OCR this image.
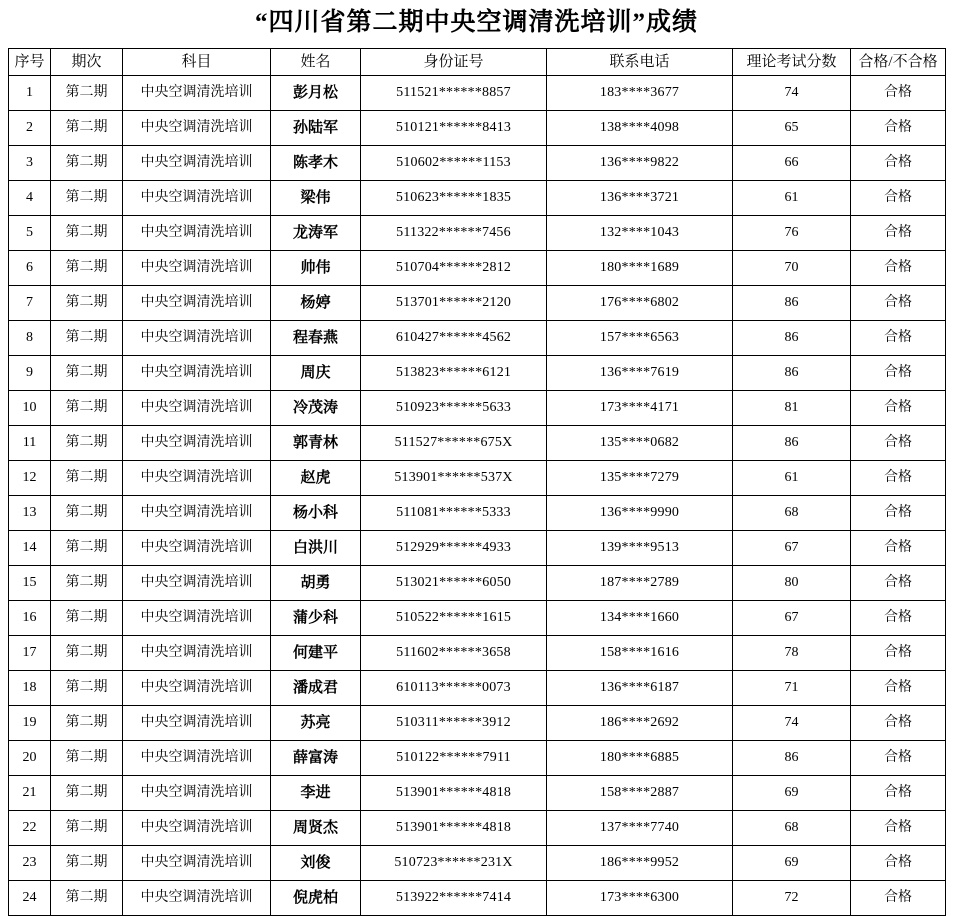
“四川省第二期中央空调清洗培训”成绩
序号	期次	科目	姓名	身份证号	联系电话	理论考试分数	合格/不合格
1	第二期	中央空调清洗培训	彭月松	511521******8857	183****3677	74	合格
2	第二期	中央空调清洗培训	孙陆军	510121******8413	138****4098	65	合格
3	第二期	中央空调清洗培训	陈孝木	510602******1153	136****9822	66	合格
4	第二期	中央空调清洗培训	梁伟	510623******1835	136****3721	61	合格
5	第二期	中央空调清洗培训	龙涛军	511322******7456	132****1043	76	合格
6	第二期	中央空调清洗培训	帅伟	510704******2812	180****1689	70	合格
7	第二期	中央空调清洗培训	杨婷	513701******2120	176****6802	86	合格
8	第二期	中央空调清洗培训	程春燕	610427******4562	157****6563	86	合格
9	第二期	中央空调清洗培训	周庆	513823******6121	136****7619	86	合格
10	第二期	中央空调清洗培训	冷茂涛	510923******5633	173****4171	81	合格
11	第二期	中央空调清洗培训	郭青林	511527******675X	135****0682	86	合格
12	第二期	中央空调清洗培训	赵虎	513901******537X	135****7279	61	合格
13	第二期	中央空调清洗培训	杨小科	511081******5333	136****9990	68	合格
14	第二期	中央空调清洗培训	白洪川	512929******4933	139****9513	67	合格
15	第二期	中央空调清洗培训	胡勇	513021******6050	187****2789	80	合格
16	第二期	中央空调清洗培训	蒲少科	510522******1615	134****1660	67	合格
17	第二期	中央空调清洗培训	何建平	511602******3658	158****1616	78	合格
18	第二期	中央空调清洗培训	潘成君	610113******0073	136****6187	71	合格
19	第二期	中央空调清洗培训	苏亮	510311******3912	186****2692	74	合格
20	第二期	中央空调清洗培训	薛富涛	510122******7911	180****6885	86	合格
21	第二期	中央空调清洗培训	李进	513901******4818	158****2887	69	合格
22	第二期	中央空调清洗培训	周贤杰	513901******4818	137****7740	68	合格
23	第二期	中央空调清洗培训	刘俊	510723******231X	186****9952	69	合格
24	第二期	中央空调清洗培训	倪虎柏	513922******7414	173****6300	72	合格
